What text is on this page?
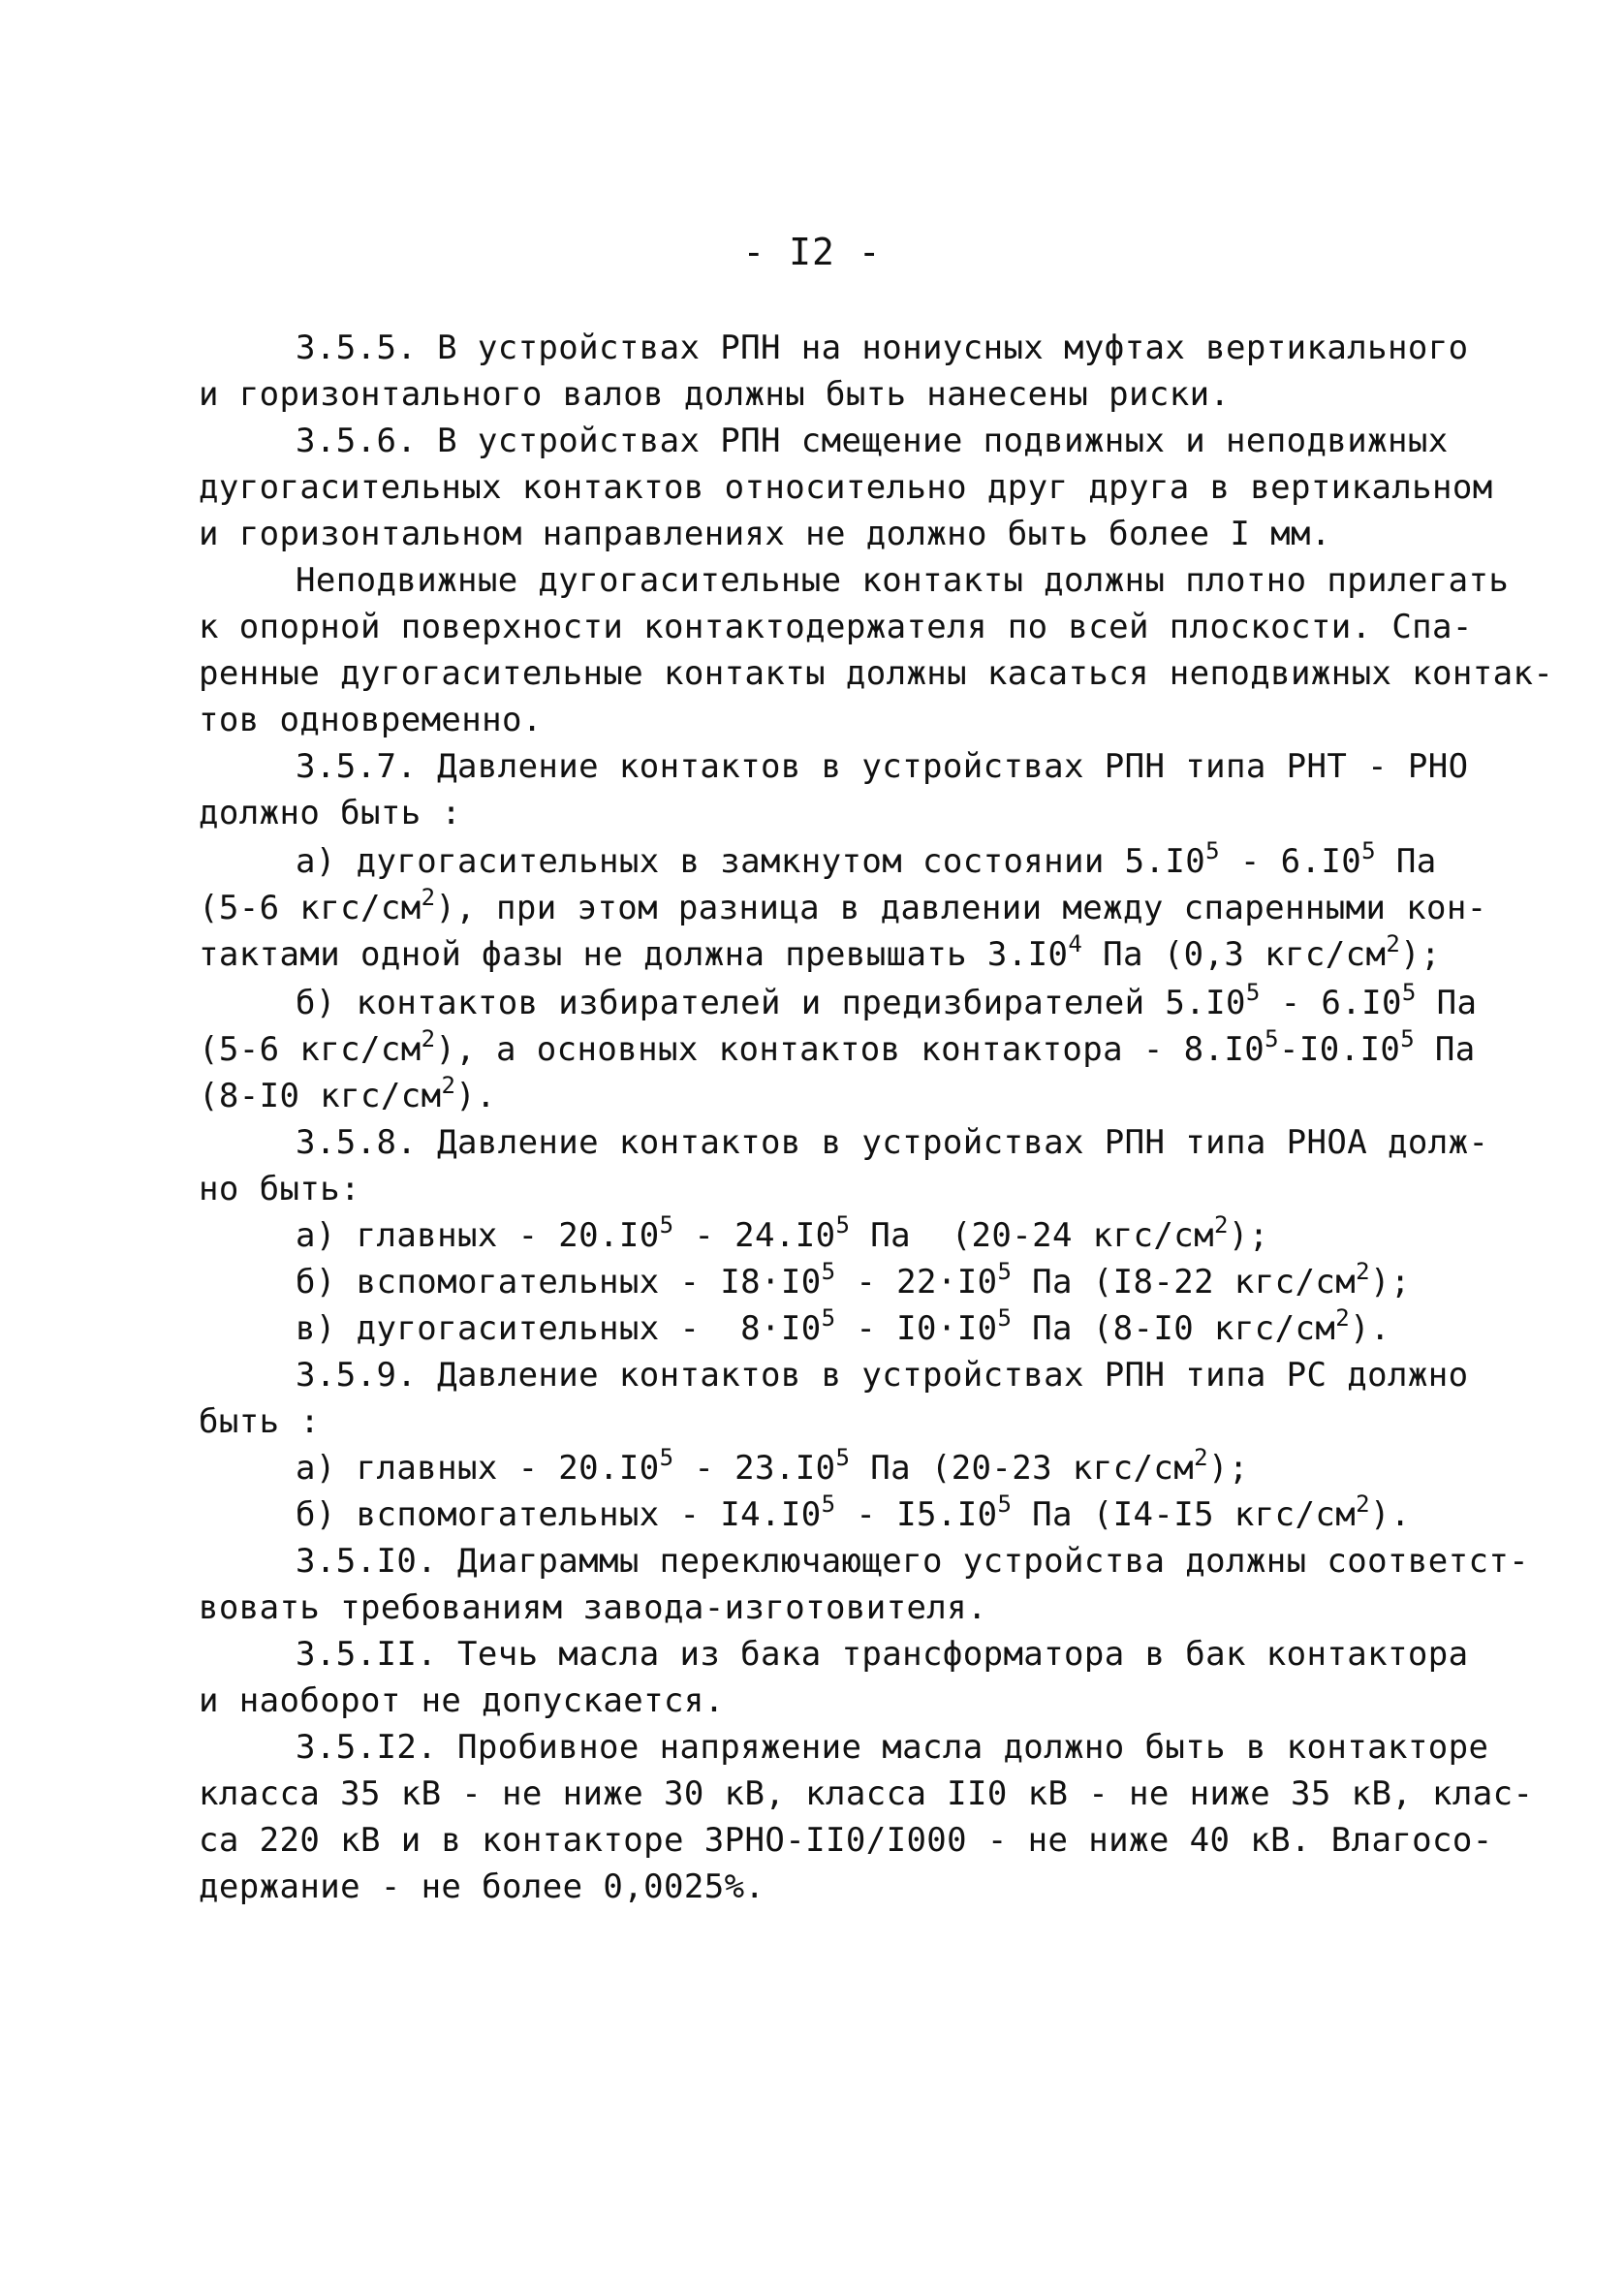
- I2 -
3.5.5. В устройствах РПН на нониусных муфтах вертикального
и горизонтального валов должны быть нанесены риски.
3.5.6. В устройствах РПН смещение подвижных и неподвижных
дугогасительных контактов относительно друг друга в вертикальном
и горизонтальном направлениях не должно быть более I мм.
Неподвижные дугогасительные контакты должны плотно прилегать
к опорной поверхности контактодержателя по всей плоскости. Спа-
ренные дугогасительные контакты должны касаться неподвижных контак-
тов одновременно.
3.5.7. Давление контактов в устройствах РПН типа РНТ - РНО
должно быть :
а) дугогасительных в замкнутом состоянии $5.I0^5 - 6.I0^5$ Па
(5-6 кгс/$см^2$), при этом разница в давлении между спаренными кон-
тактами одной фазы не должна превышать $3.I0^4$ Па (0,3 кгс/$см^2$);
б) контактов избирателей и предизбирателей $5.I0^5 - 6.I0^5$ Па
(5-6 кгс/$см^2$), а основных контактов контактора - $8.I0^5-I0.I0^5$ Па
(8-I0 кгс/$см^2$).
3.5.8. Давление контактов в устройствах РПН типа РНОА долж-
но быть:
а) главных - $20.I0^5 - 24.I0^5$ Па  (20-24 кгс/$см^2$);
б) вспомогательных - $I8\cdot I0^5 - 22\cdot I0^5$ Па (I8-22 кгс/$см^2$);
в) дугогасительных -  $8\cdot I0^5 - I0\cdot I0^5$ Па (8-I0 кгс/$см^2$).
3.5.9. Давление контактов в устройствах РПН типа РС должно
быть :
а) главных - $20.I0^5 - 23.I0^5$ Па (20-23 кгс/$см^2$);
б) вспомогательных - $I4.I0^5 - I5.I0^5$ Па (I4-I5 кгс/$см^2$).
3.5.I0. Диаграммы переключающего устройства должны соответст-
вовать требованиям завода-изготовителя.
3.5.II. Течь масла из бака трансформатора в бак контактора
и наоборот не допускается.
3.5.I2. Пробивное напряжение масла должно быть в контакторе
класса 35 кВ - не ниже 30 кВ, класса II0 кВ - не ниже 35 кВ, клас-
са 220 кВ и в контакторе ЗРНО-II0/I000 - не ниже 40 кВ. Влагосо-
держание - не более 0,0025%.
